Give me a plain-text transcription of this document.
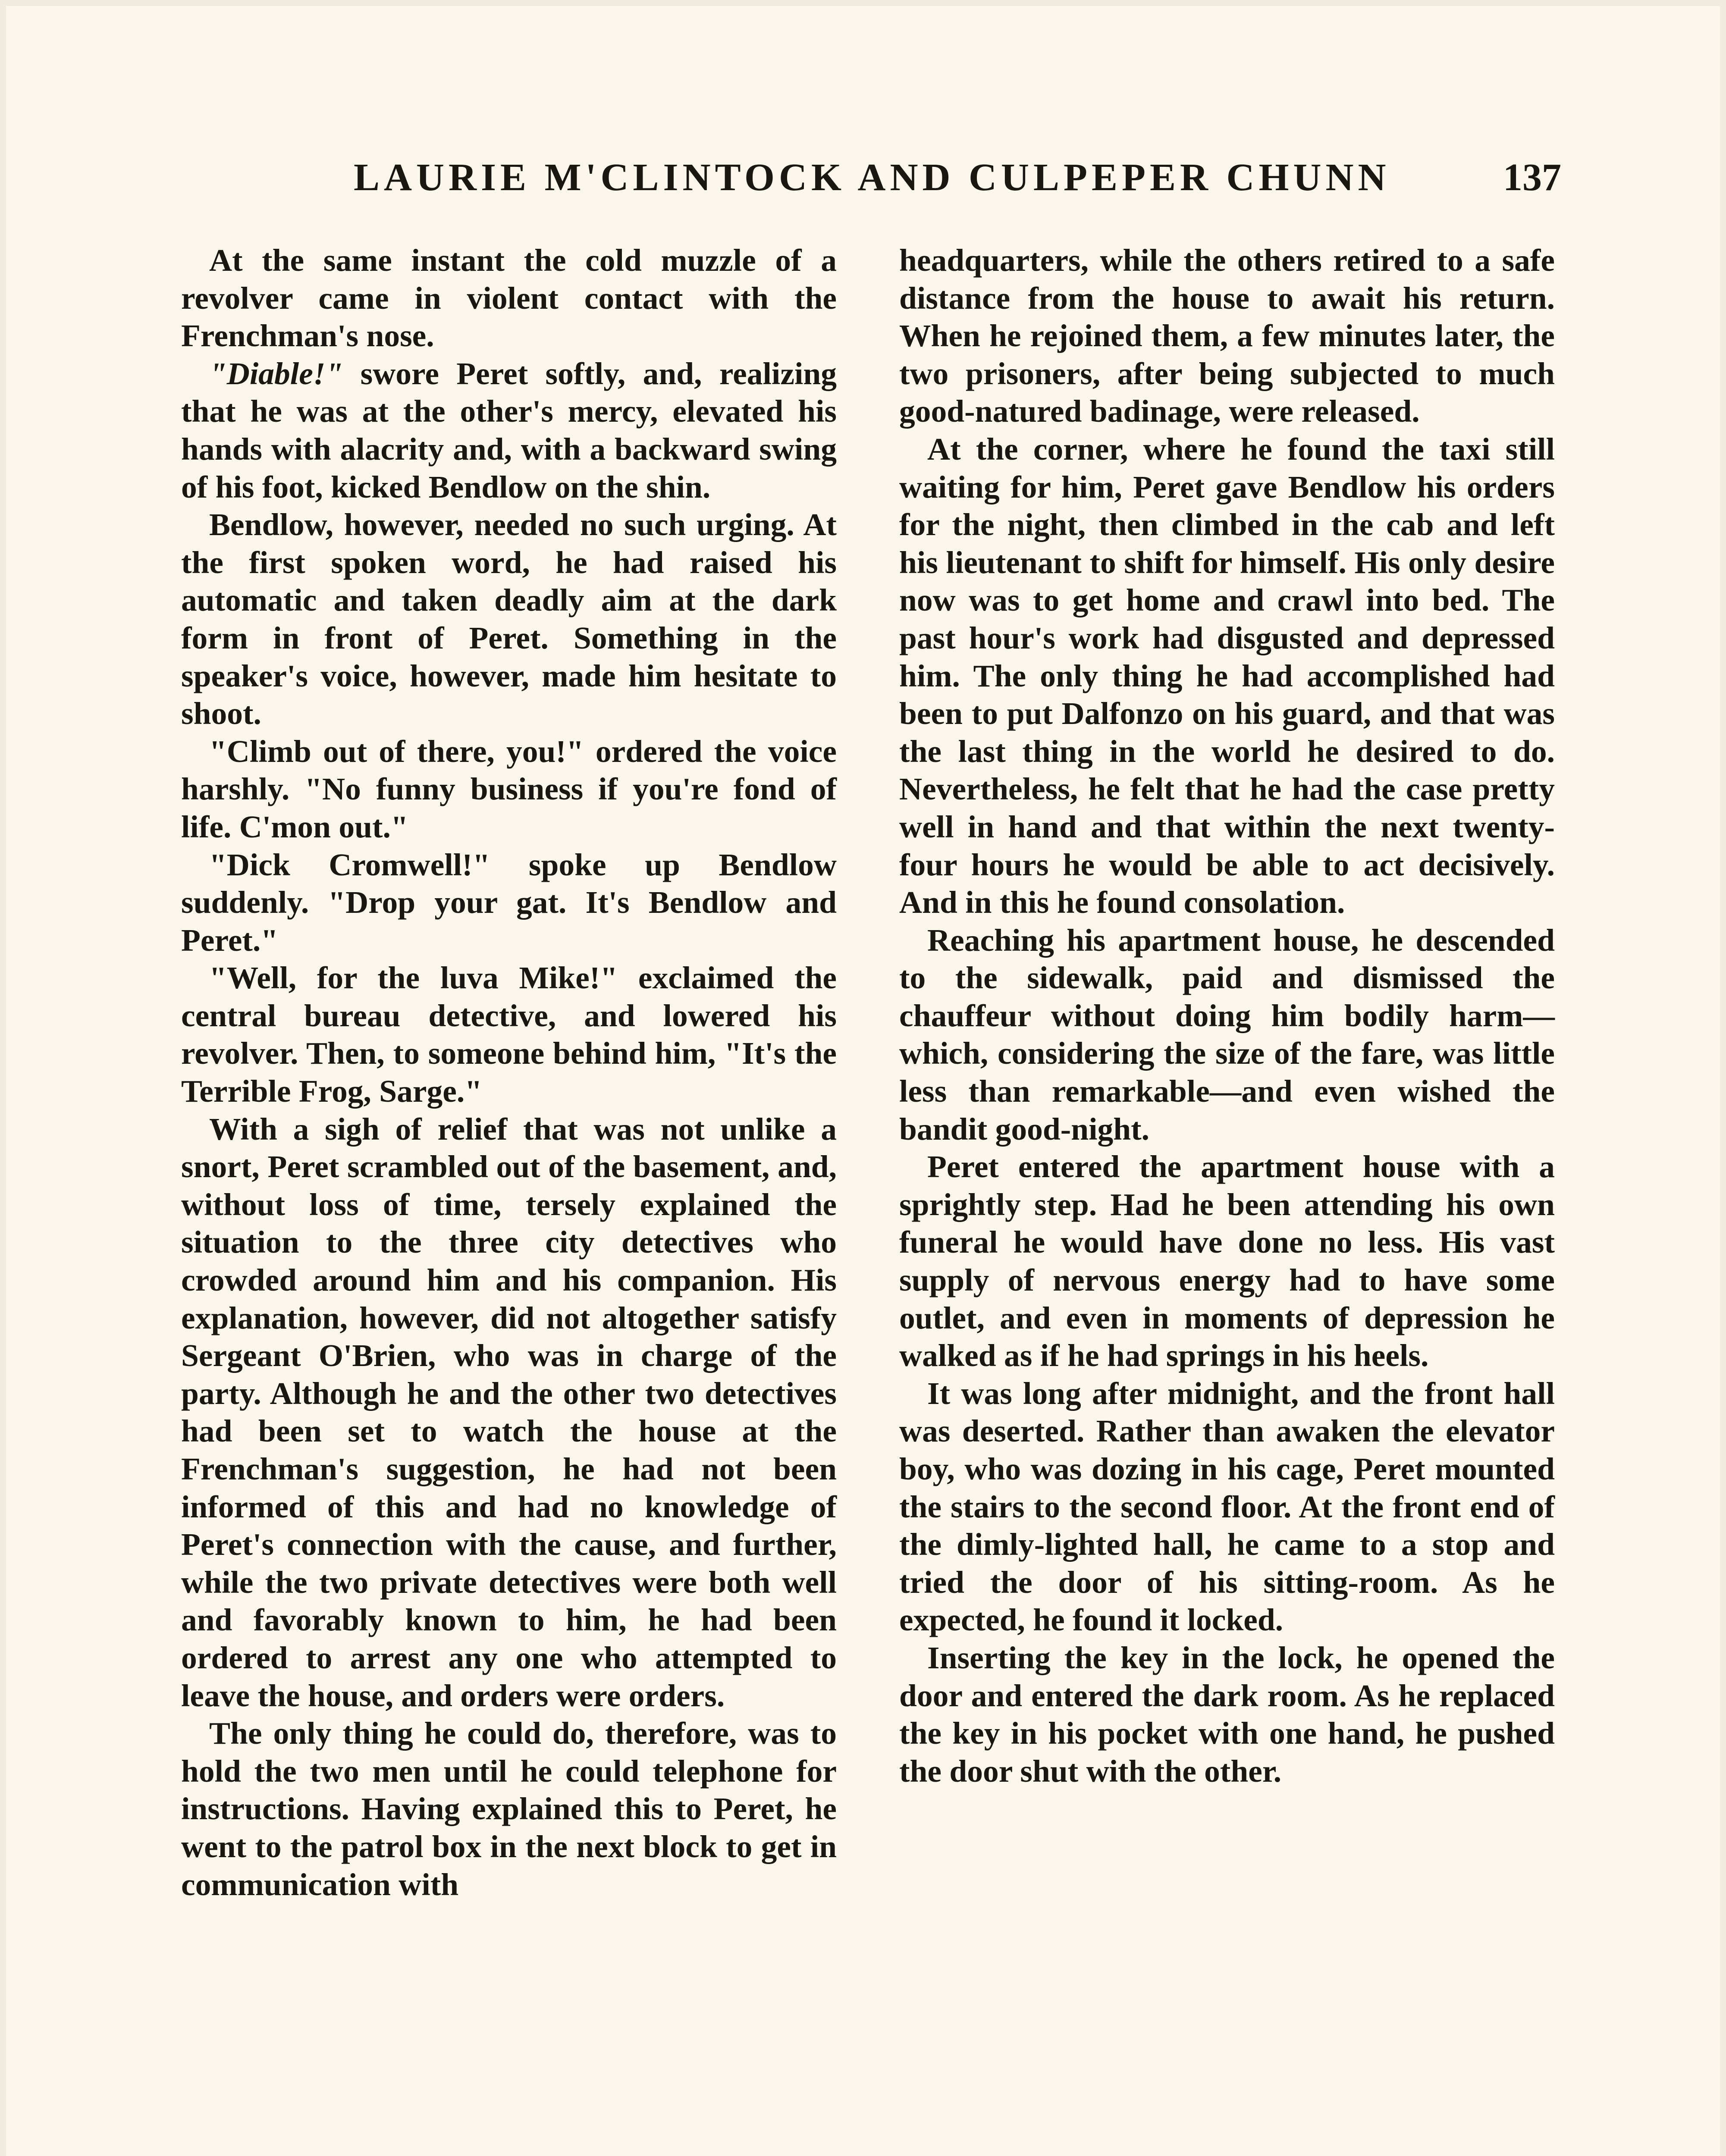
LAURIE M'CLINTOCK AND CULPEPER CHUNN	137

At the same instant the cold muzzle of a revolver came in violent contact with the Frenchman's nose.

"Diable!" swore Peret softly, and, realizing that he was at the other's mercy, elevated his hands with alacrity and, with a backward swing of his foot, kicked Bendlow on the shin.

Bendlow, however, needed no such urging. At the first spoken word, he had raised his automatic and taken deadly aim at the dark form in front of Peret. Something in the speaker's voice, however, made him hesitate to shoot.

"Climb out of there, you!" ordered the voice harshly. "No funny business if you're fond of life. C'mon out."

"Dick Cromwell!" spoke up Bendlow suddenly. "Drop your gat. It's Bendlow and Peret."

"Well, for the luva Mike!" exclaimed the central bureau detective, and lowered his revolver. Then, to someone behind him, "It's the Terrible Frog, Sarge."

With a sigh of relief that was not unlike a snort, Peret scrambled out of the basement, and, without loss of time, tersely explained the situation to the three city detectives who crowded around him and his companion. His explanation, however, did not altogether satisfy Sergeant O'Brien, who was in charge of the party. Although he and the other two detectives had been set to watch the house at the Frenchman's suggestion, he had not been informed of this and had no knowledge of Peret's connection with the cause, and further, while the two private detectives were both well and favorably known to him, he had been ordered to arrest any one who attempted to leave the house, and orders were orders.

The only thing he could do, therefore, was to hold the two men until he could telephone for instructions. Having explained this to Peret, he went to the patrol box in the next block to get in communication with

headquarters, while the others retired to a safe distance from the house to await his return. When he rejoined them, a few minutes later, the two prisoners, after being subjected to much good-natured badinage, were released.

At the corner, where he found the taxi still waiting for him, Peret gave Bendlow his orders for the night, then climbed in the cab and left his lieutenant to shift for himself. His only desire now was to get home and crawl into bed. The past hour's work had disgusted and depressed him. The only thing he had accomplished had been to put Dalfonzo on his guard, and that was the last thing in the world he desired to do. Nevertheless, he felt that he had the case pretty well in hand and that within the next twenty-four hours he would be able to act decisively. And in this he found consolation.

Reaching his apartment house, he descended to the sidewalk, paid and dismissed the chauffeur without doing him bodily harm—which, considering the size of the fare, was little less than remarkable—and even wished the bandit good-night.

Peret entered the apartment house with a sprightly step. Had he been attending his own funeral he would have done no less. His vast supply of nervous energy had to have some outlet, and even in moments of depression he walked as if he had springs in his heels.

It was long after midnight, and the front hall was deserted. Rather than awaken the elevator boy, who was dozing in his cage, Peret mounted the stairs to the second floor. At the front end of the dimly-lighted hall, he came to a stop and tried the door of his sitting-room. As he expected, he found it locked.

Inserting the key in the lock, he opened the door and entered the dark room. As he replaced the key in his pocket with one hand, he pushed the door shut with the other.
